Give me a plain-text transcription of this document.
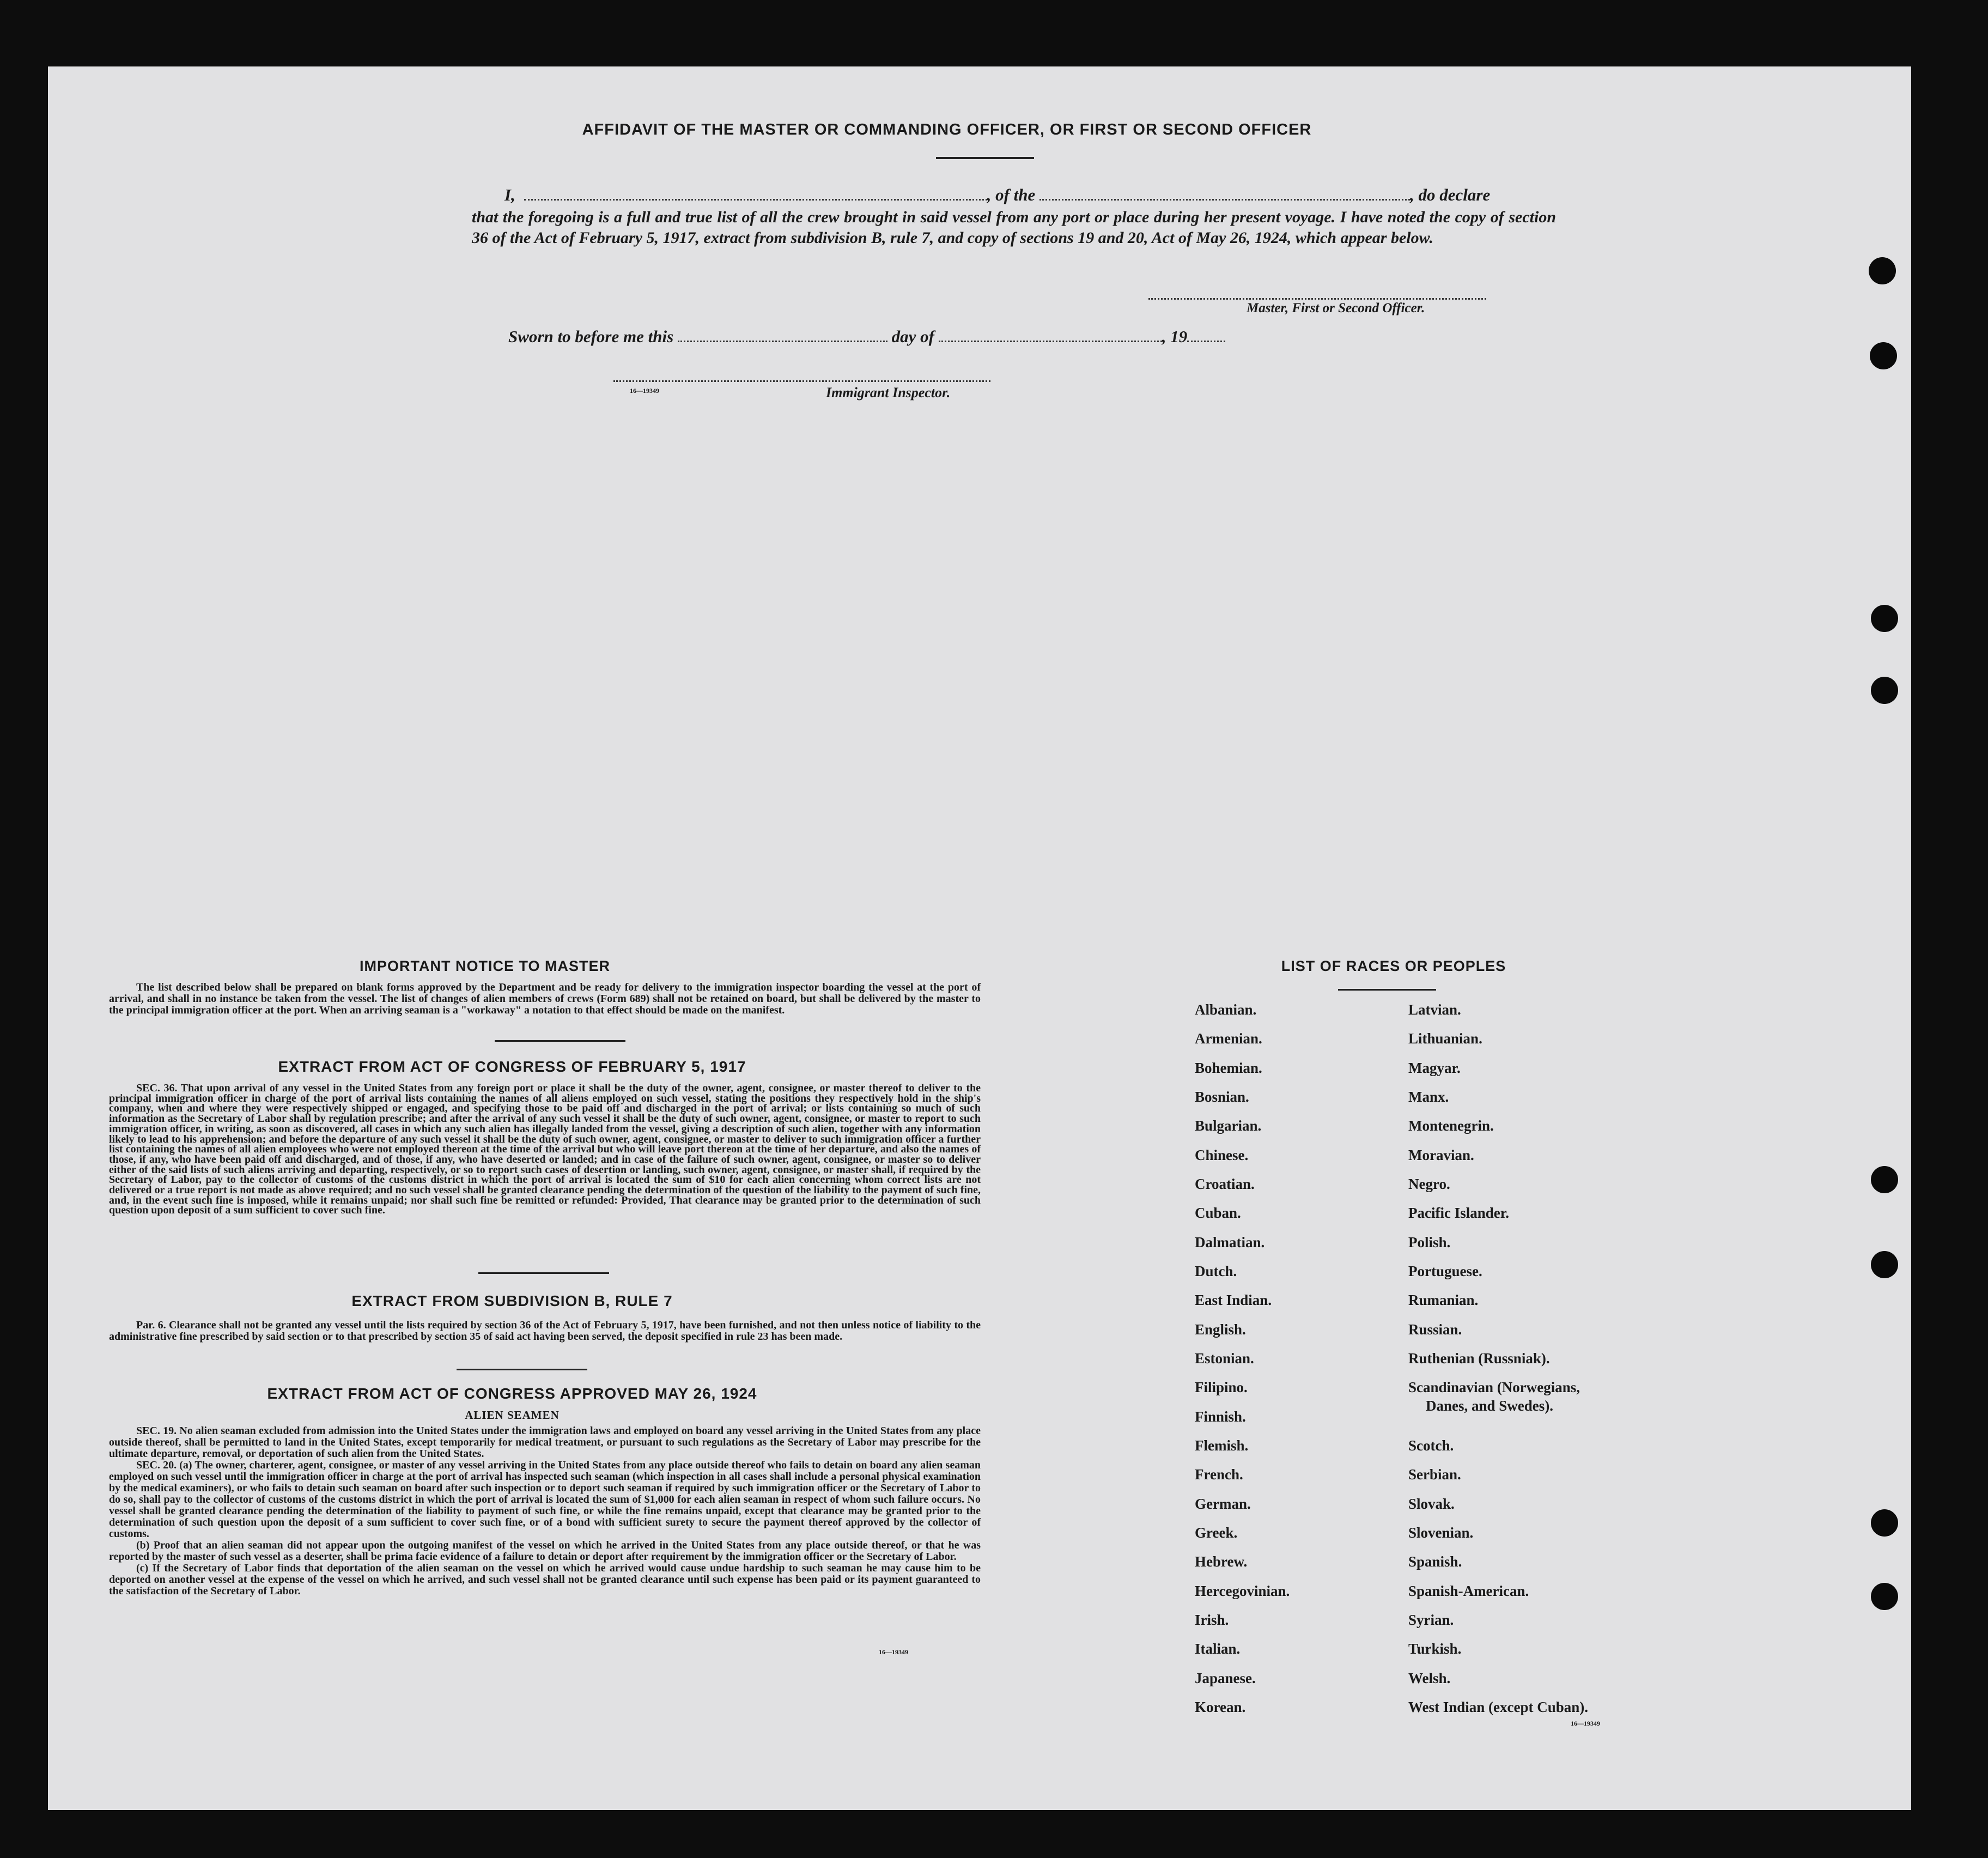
AFFIDAVIT OF THE MASTER OR COMMANDING OFFICER, OR FIRST OR SECOND OFFICER
I,	, of the	, do declare
that the foregoing is a full and true list of all the crew brought in said vessel from any port or place during her present voyage. I have noted the copy of section 36 of the Act of February 5, 1917, extract from subdivision B, rule 7, and copy of sections 19 and 20, Act of May 26, 1924, which appear below.
Master, First or Second Officer.
Sworn to before me this	day of	, 19
16—19349	Immigrant Inspector.
IMPORTANT NOTICE TO MASTER
The list described below shall be prepared on blank forms approved by the Department and be ready for delivery to the immigration inspector boarding the vessel at the port of arrival, and shall in no instance be taken from the vessel. The list of changes of alien members of crews (Form 689) shall not be retained on board, but shall be delivered by the master to the principal immigration officer at the port. When an arriving seaman is a "workaway" a notation to that effect should be made on the manifest.
EXTRACT FROM ACT OF CONGRESS OF FEBRUARY 5, 1917
SEC. 36. That upon arrival of any vessel in the United States from any foreign port or place it shall be the duty of the owner, agent, consignee, or master thereof to deliver to the principal immigration officer in charge of the port of arrival lists containing the names of all aliens employed on such vessel, stating the positions they respectively hold in the ship's company, when and where they were respectively shipped or engaged, and specifying those to be paid off and discharged in the port of arrival; or lists containing so much of such information as the Secretary of Labor shall by regulation prescribe; and after the arrival of any such vessel it shall be the duty of such owner, agent, consignee, or master to report to such immigration officer, in writing, as soon as discovered, all cases in which any such alien has illegally landed from the vessel, giving a description of such alien, together with any information likely to lead to his apprehension; and before the departure of any such vessel it shall be the duty of such owner, agent, consignee, or master to deliver to such immigration officer a further list containing the names of all alien employees who were not employed thereon at the time of the arrival but who will leave port thereon at the time of her departure, and also the names of those, if any, who have been paid off and discharged, and of those, if any, who have deserted or landed; and in case of the failure of such owner, agent, consignee, or master so to deliver either of the said lists of such aliens arriving and departing, respectively, or so to report such cases of desertion or landing, such owner, agent, consignee, or master shall, if required by the Secretary of Labor, pay to the collector of customs of the customs district in which the port of arrival is located the sum of $10 for each alien concerning whom correct lists are not delivered or a true report is not made as above required; and no such vessel shall be granted clearance pending the determination of the question of the liability to the payment of such fine, and, in the event such fine is imposed, while it remains unpaid; nor shall such fine be remitted or refunded: Provided, That clearance may be granted prior to the determination of such question upon deposit of a sum sufficient to cover such fine.
EXTRACT FROM SUBDIVISION B, RULE 7
Par. 6. Clearance shall not be granted any vessel until the lists required by section 36 of the Act of February 5, 1917, have been furnished, and not then unless notice of liability to the administrative fine prescribed by said section or to that prescribed by section 35 of said act having been served, the deposit specified in rule 23 has been made.
EXTRACT FROM ACT OF CONGRESS APPROVED MAY 26, 1924
ALIEN SEAMEN
SEC. 19. No alien seaman excluded from admission into the United States under the immigration laws and employed on board any vessel arriving in the United States from any place outside thereof, shall be permitted to land in the United States, except temporarily for medical treatment, or pursuant to such regulations as the Secretary of Labor may prescribe for the ultimate departure, removal, or deportation of such alien from the United States.
SEC. 20. (a) The owner, charterer, agent, consignee, or master of any vessel arriving in the United States from any place outside thereof who fails to detain on board any alien seaman employed on such vessel until the immigration officer in charge at the port of arrival has inspected such seaman (which inspection in all cases shall include a personal physical examination by the medical examiners), or who fails to detain such seaman on board after such inspection or to deport such seaman if required by such immigration officer or the Secretary of Labor to do so, shall pay to the collector of customs of the customs district in which the port of arrival is located the sum of $1,000 for each alien seaman in respect of whom such failure occurs. No vessel shall be granted clearance pending the determination of the liability to payment of such fine, or while the fine remains unpaid, except that clearance may be granted prior to the determination of such question upon the deposit of a sum sufficient to cover such fine, or of a bond with sufficient surety to secure the payment thereof approved by the collector of customs.
(b) Proof that an alien seaman did not appear upon the outgoing manifest of the vessel on which he arrived in the United States from any place outside thereof, or that he was reported by the master of such vessel as a deserter, shall be prima facie evidence of a failure to detain or deport after requirement by the immigration officer or the Secretary of Labor.
(c) If the Secretary of Labor finds that deportation of the alien seaman on the vessel on which he arrived would cause undue hardship to such seaman he may cause him to be deported on another vessel at the expense of the vessel on which he arrived, and such vessel shall not be granted clearance until such expense has been paid or its payment guaranteed to the satisfaction of the Secretary of Labor.
16—19349
LIST OF RACES OR PEOPLES
Albanian.
Armenian.
Bohemian.
Bosnian.
Bulgarian.
Chinese.
Croatian.
Cuban.
Dalmatian.
Dutch.
East Indian.
English.
Estonian.
Filipino.
Finnish.
Flemish.
French.
German.
Greek.
Hebrew.
Hercegovinian.
Irish.
Italian.
Japanese.
Korean.
Latvian.
Lithuanian.
Magyar.
Manx.
Montenegrin.
Moravian.
Negro.
Pacific Islander.
Polish.
Portuguese.
Rumanian.
Russian.
Ruthenian (Russniak).
Scandinavian (Norwegians,
Danes, and Swedes).
Scotch.
Serbian.
Slovak.
Slovenian.
Spanish.
Spanish-American.
Syrian.
Turkish.
Welsh.
West Indian (except Cuban).
16—19349
